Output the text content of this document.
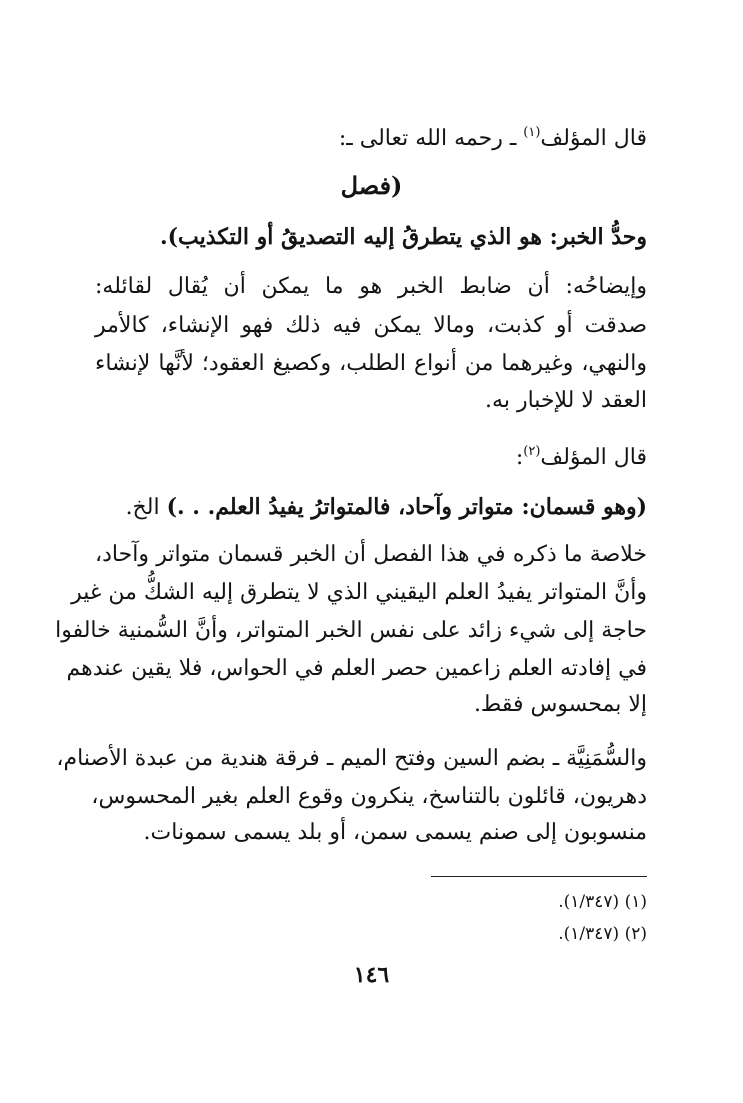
قال المؤلف$^{(١)}$ ـ رحمه الله تعالى ـ:
(فصل
وحدُّ الخبر: هو الذي يتطرقُ إليه التصديقُ أو التكذيب).
وإيضاحُه: أن ضابط الخبر هو ما يمكن أن يُقال لقائله:
صدقت أو كذبت، ومالا يمكن فيه ذلك فهو الإنشاء، كالأمر
والنهي، وغيرهما من أنواع الطلب، وكصيغ العقود؛ لأنَّها لإنشاء
العقد لا للإخبار به.
قال المؤلف$^{(٢)}$:
(وهو قسمان: متواتر وآحاد، فالمتواترُ يفيدُ العلم. . .) الخ.
خلاصة ما ذكره في هذا الفصل أن الخبر قسمان متواتر وآحاد،
وأنَّ المتواتر يفيدُ العلم اليقيني الذي لا يتطرق إليه الشكُّ من غير
حاجة إلى شيء زائد على نفس الخبر المتواتر، وأنَّ السُّمنية خالفوا
في إفادته العلم زاعمين حصر العلم في الحواس، فلا يقين عندهم
إلا بمحسوس فقط.
والسُّمَنِيَّة ـ بضم السين وفتح الميم ـ فرقة هندية من عبدة الأصنام،
دهريون، قائلون بالتناسخ، ينكرون وقوع العلم بغير المحسوس،
منسوبون إلى صنم يسمى سمن، أو بلد يسمى سمونات.
(١) (١/٣٤٧).
(٢) (١/٣٤٧).
١٤٦
